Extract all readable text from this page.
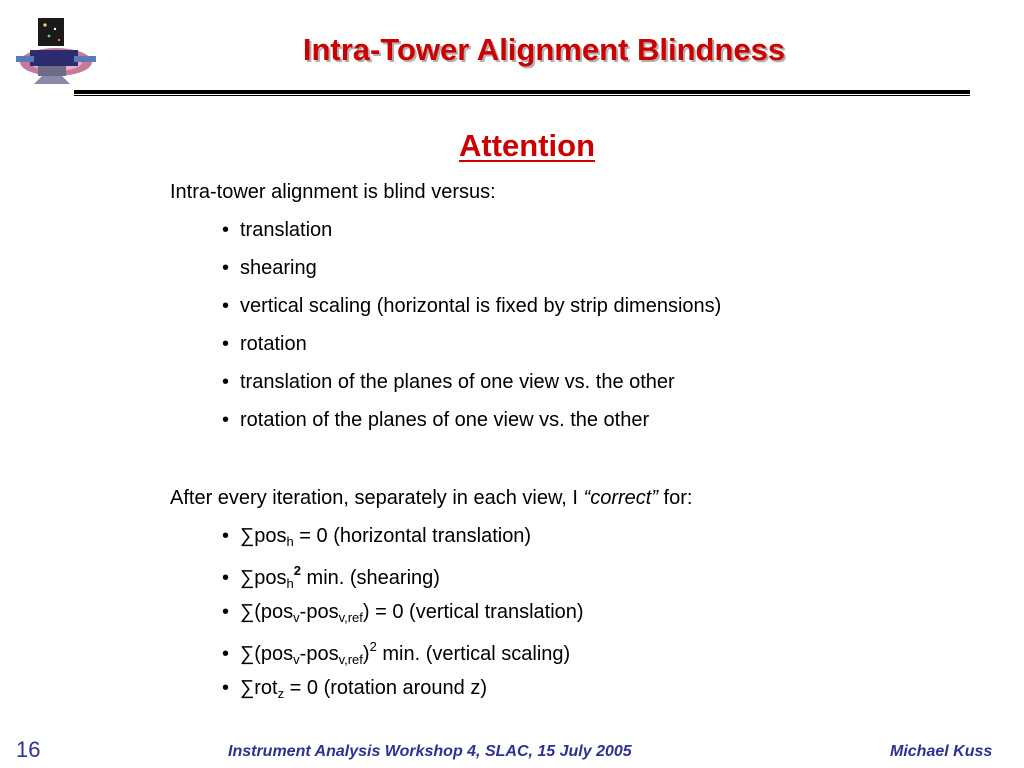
Intra-Tower Alignment Blindness
Attention
Intra-tower alignment is blind versus:
• translation
• shearing
• vertical scaling (horizontal is fixed by strip dimensions)
• rotation
• translation of the planes of one view vs. the other
• rotation of the planes of one view vs. the other
After every iteration, separately in each view, I “correct” for:
• ∑pos$_h$ = 0 (horizontal translation)
• ∑pos$_h^2$ min. (shearing)
• ∑(pos$_v$-pos$_{v,ref}$) = 0 (vertical translation)
• $\sum(pos_v-pos_{v,ref})^2$ min. (vertical scaling)
• ∑rot$_z$ = 0 (rotation around z)
16	Instrument Analysis Workshop 4, SLAC, 15 July 2005	Michael Kuss
